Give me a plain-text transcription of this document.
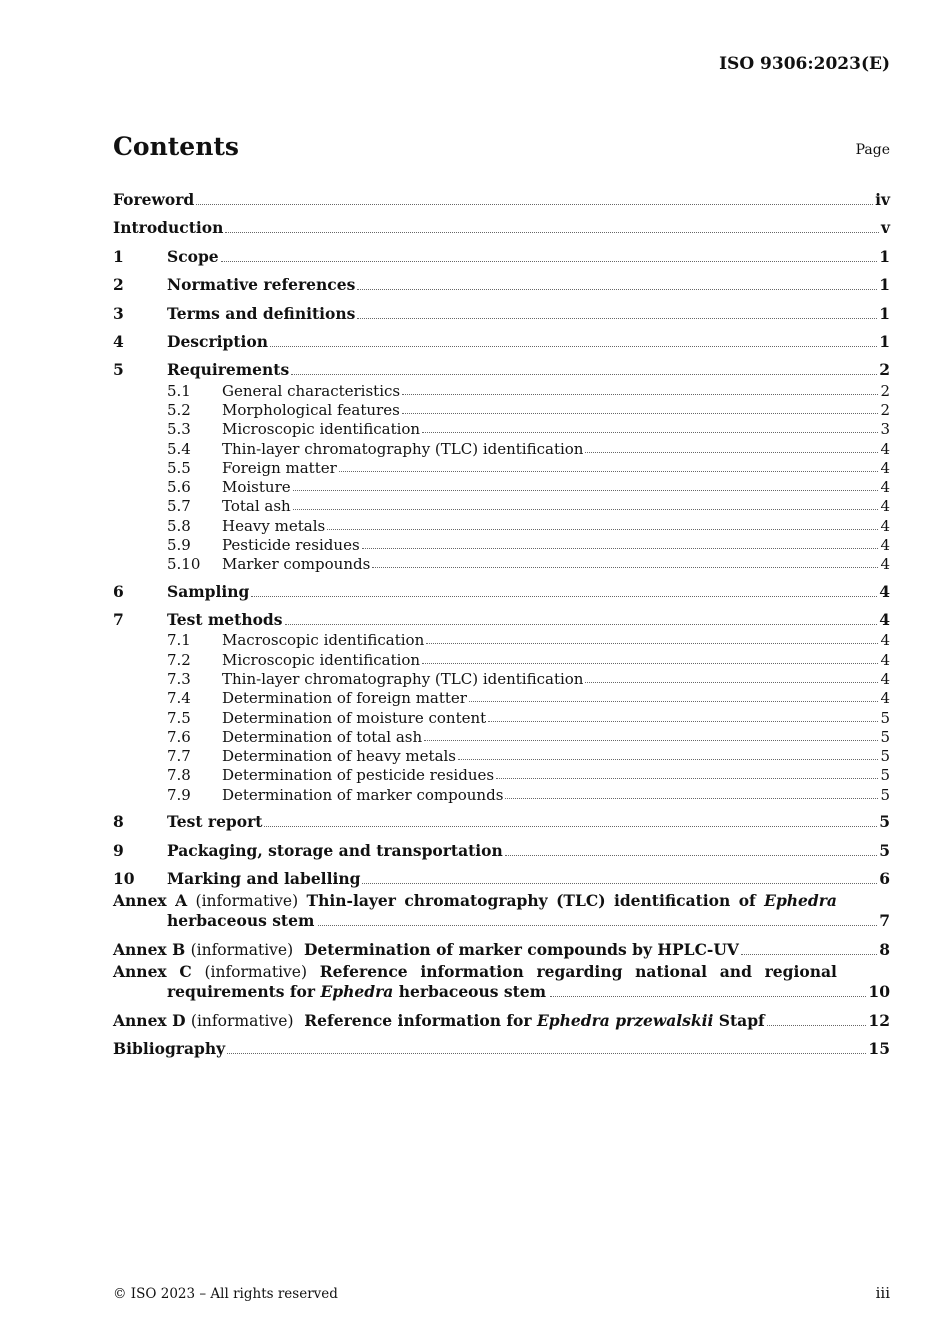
ISO 9306:2023(E)
Contents	Page
Foreword	iv
Introduction	v
1	Scope	1
2	Normative references	1
3	Terms and definitions	1
4	Description	1
5	Requirements	2
5.1	General characteristics	2
5.2	Morphological features	2
5.3	Microscopic identification	3
5.4	Thin-layer chromatography (TLC) identification	4
5.5	Foreign matter	4
5.6	Moisture	4
5.7	Total ash	4
5.8	Heavy metals	4
5.9	Pesticide residues	4
5.10	Marker compounds	4
6	Sampling	4
7	Test methods	4
7.1	Macroscopic identification	4
7.2	Microscopic identification	4
7.3	Thin-layer chromatography (TLC) identification	4
7.4	Determination of foreign matter	4
7.5	Determination of moisture content	5
7.6	Determination of total ash	5
7.7	Determination of heavy metals	5
7.8	Determination of pesticide residues	5
7.9	Determination of marker compounds	5
8	Test report	5
9	Packaging, storage and transportation	5
10	Marking and labelling	6
Annex A (informative) Thin-layer chromatography (TLC) identification of Ephedra
herbaceous stem	7
Annex B (informative) Determination of marker compounds by HPLC-UV	8
Annex C (informative) Reference information regarding national and regional
requirements for
Ephedra
herbaceous stem	10
Annex D (informative) Reference information for Ephedra przewalskii Stapf	12
Bibliography	15
© ISO 2023 – All rights reserved	iii
